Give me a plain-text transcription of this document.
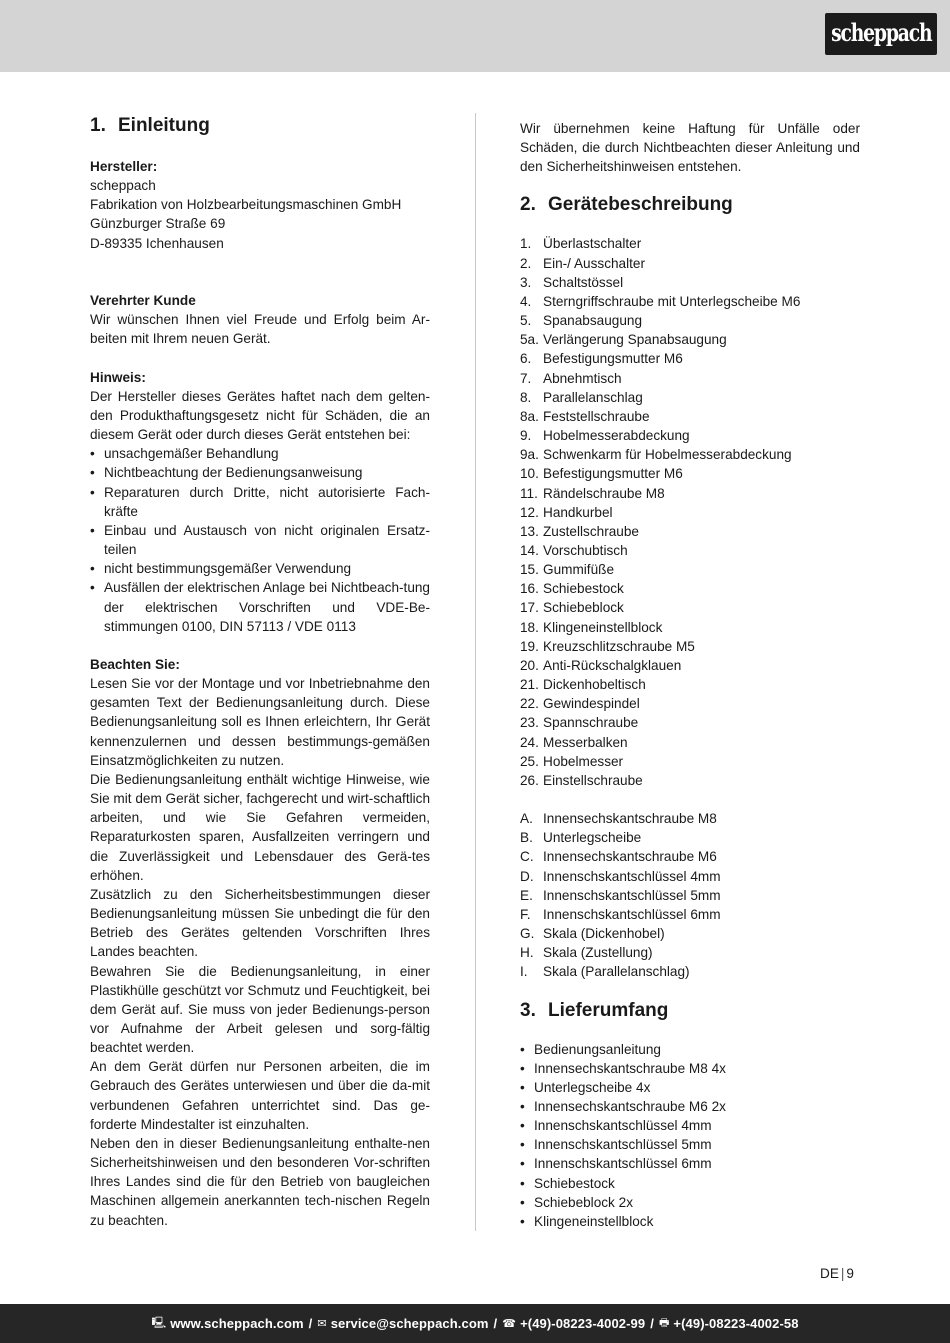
scheppach
1. Einleitung
Hersteller:
scheppach
Fabrikation von Holzbearbeitungsmaschinen GmbH
Günzburger Straße 69
D-89335 Ichenhausen
Verehrter Kunde

Wir wünschen Ihnen viel Freude und Erfolg beim Ar-beiten mit Ihrem neuen Gerät.

Hinweis:

Der Hersteller dieses Gerätes haftet nach dem gelten-den Produkthaftungsgesetz nicht für Schäden, die an diesem Gerät oder durch dieses Gerät entstehen bei:

• unsachgemäßer Behandlung
• Nichtbeachtung der Bedienungsanweisung
• Reparaturen durch Dritte, nicht autorisierte Fach-kräfte
• Einbau und Austausch von nicht originalen Ersatz-teilen
• nicht bestimmungsgemäßer Verwendung
• Ausfällen der elektrischen Anlage bei Nichtbeach-tung der elektrischen Vorschriften und VDE-Be-stimmungen 0100, DIN 57113 / VDE 0113
Beachten Sie:

Lesen Sie vor der Montage und vor Inbetriebnahme den gesamten Text der Bedienungsanleitung durch. Diese Bedienungsanleitung soll es Ihnen erleichtern, Ihr Gerät kennenzulernen und dessen bestimmungs-gemäßen Einsatzmöglichkeiten zu nutzen.

Die Bedienungsanleitung enthält wichtige Hinweise, wie Sie mit dem Gerät sicher, fachgerecht und wirt-schaftlich arbeiten, und wie Sie Gefahren vermeiden, Reparaturkosten sparen, Ausfallzeiten verringern und die Zuverlässigkeit und Lebensdauer des Gerä-tes erhöhen.

Zusätzlich zu den Sicherheitsbestimmungen dieser Bedienungsanleitung müssen Sie unbedingt die für den Betrieb des Gerätes geltenden Vorschriften Ihres Landes beachten.

Bewahren Sie die Bedienungsanleitung, in einer Plastikhülle geschützt vor Schmutz und Feuchtigkeit, bei dem Gerät auf. Sie muss von jeder Bedienungs-person vor Aufnahme der Arbeit gelesen und sorg-fältig beachtet werden.

An dem Gerät dürfen nur Personen arbeiten, die im Gebrauch des Gerätes unterwiesen und über die da-mit verbundenen Gefahren unterrichtet sind. Das ge-forderte Mindestalter ist einzuhalten.

Neben den in dieser Bedienungsanleitung enthalte-nen Sicherheitshinweisen und den besonderen Vor-schriften Ihres Landes sind die für den Betrieb von baugleichen Maschinen allgemein anerkannten tech-nischen Regeln zu beachten.

Wir übernehmen keine Haftung für Unfälle oder Schäden, die durch Nichtbeachten dieser Anleitung und den Sicherheitshinweisen entstehen.

2. Gerätebeschreibung
1. Überlastschalter
2. Ein-/ Ausschalter
3. Schaltstössel
4. Sterngriffschraube mit Unterlegscheibe M6
5. Spanabsaugung
5a. Verlängerung Spanabsaugung
6. Befestigungsmutter M6
7. Abnehmtisch
8. Parallelanschlag
8a. Feststellschraube
9. Hobelmesserabdeckung
9a. Schwenkarm für Hobelmesserabdeckung
10. Befestigungsmutter M6
11. Rändelschraube M8
12. Handkurbel
13. Zustellschraube
14. Vorschubtisch
15. Gummifüße
16. Schiebestock
17. Schiebeblock
18. Klingeneinstellblock
19. Kreuzschlitzschraube M5
20. Anti-Rückschalgklauen
21. Dickenhobeltisch
22. Gewindespindel
23. Spannschraube
24. Messerbalken
25. Hobelmesser
26. Einstellschraube
A. Innensechskantschraube M8
B. Unterlegscheibe
C. Innensechskantschraube M6
D. Innenschskantschlüssel 4mm
E. Innenschskantschlüssel 5mm
F. Innenschskantschlüssel 6mm
G. Skala (Dickenhobel)
H. Skala (Zustellung)
I.	Skala (Parallelanschlag)
3. Lieferumfang
• Bedienungsanleitung
• Innensechskantschraube M8 4x
• Unterlegscheibe 4x
• Innensechskantschraube M6 2x
• Innenschskantschlüssel 4mm
• Innenschskantschlüssel 5mm
• Innenschskantschlüssel 6mm
• Schiebestock
• Schiebeblock 2x
• Klingeneinstellblock
DE | 9
🖳︎ www.scheppach.com / ✉︎ service@scheppach.com / ☎︎ +(49)-08223-4002-99 / 🖶︎ +(49)-08223-4002-58
